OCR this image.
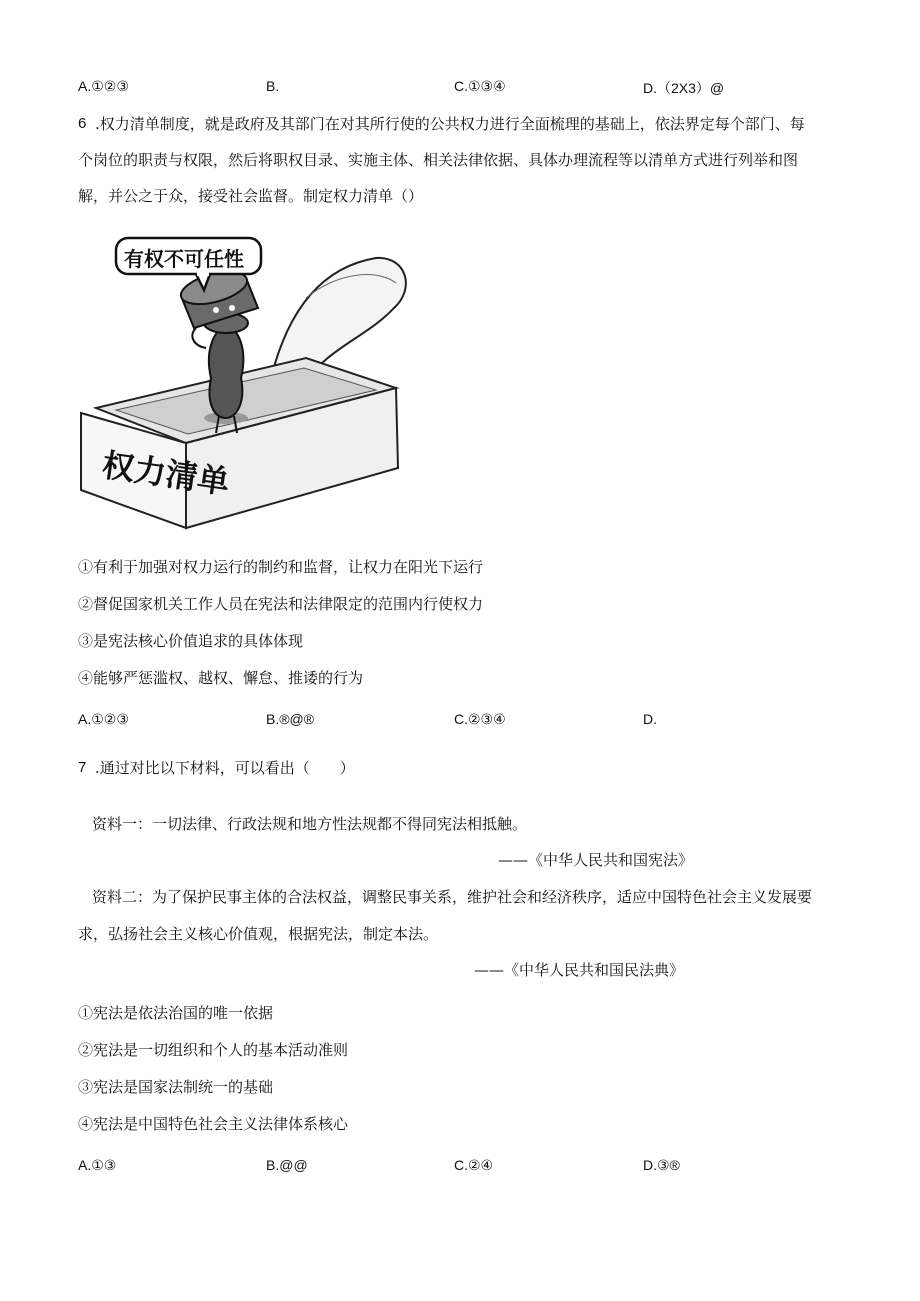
A.①②③	B.	C.①③④	D.（2X3）@
6 .权力清单制度，就是政府及其部门在对其所行使的公共权力进行全面梳理的基础上，依法界定每个部门、每
个岗位的职责与权限，然后将职权目录、实施主体、相关法律依据、具体办理流程等以清单方式进行列举和图
解，并公之于众，接受社会监督。制定权力清单（）
有权不可任性
权力清单
①有利于加强对权力运行的制约和监督，让权力在阳光下运行
②督促国家机关工作人员在宪法和法律限定的范围内行使权力
③是宪法核心价值追求的具体体现
④能够严惩滥权、越权、懈怠、推诿的行为
A.①②③	B.®@®	C.②③④	D.
7 .通过对比以下材料，可以看出（　　）
资料一：一切法律、行政法规和地方性法规都不得同宪法相抵触。
——《中华人民共和国宪法》
资料二：为了保护民事主体的合法权益，调整民事关系，维护社会和经济秩序，适应中国特色社会主义发展要
求，弘扬社会主义核心价值观，根据宪法，制定本法。
——《中华人民共和国民法典》
①宪法是依法治国的唯一依据
②宪法是一切组织和个人的基本活动准则
③宪法是国家法制统一的基础
④宪法是中国特色社会主义法律体系核心
A.①③	B.@@	C.②④	D.③®
